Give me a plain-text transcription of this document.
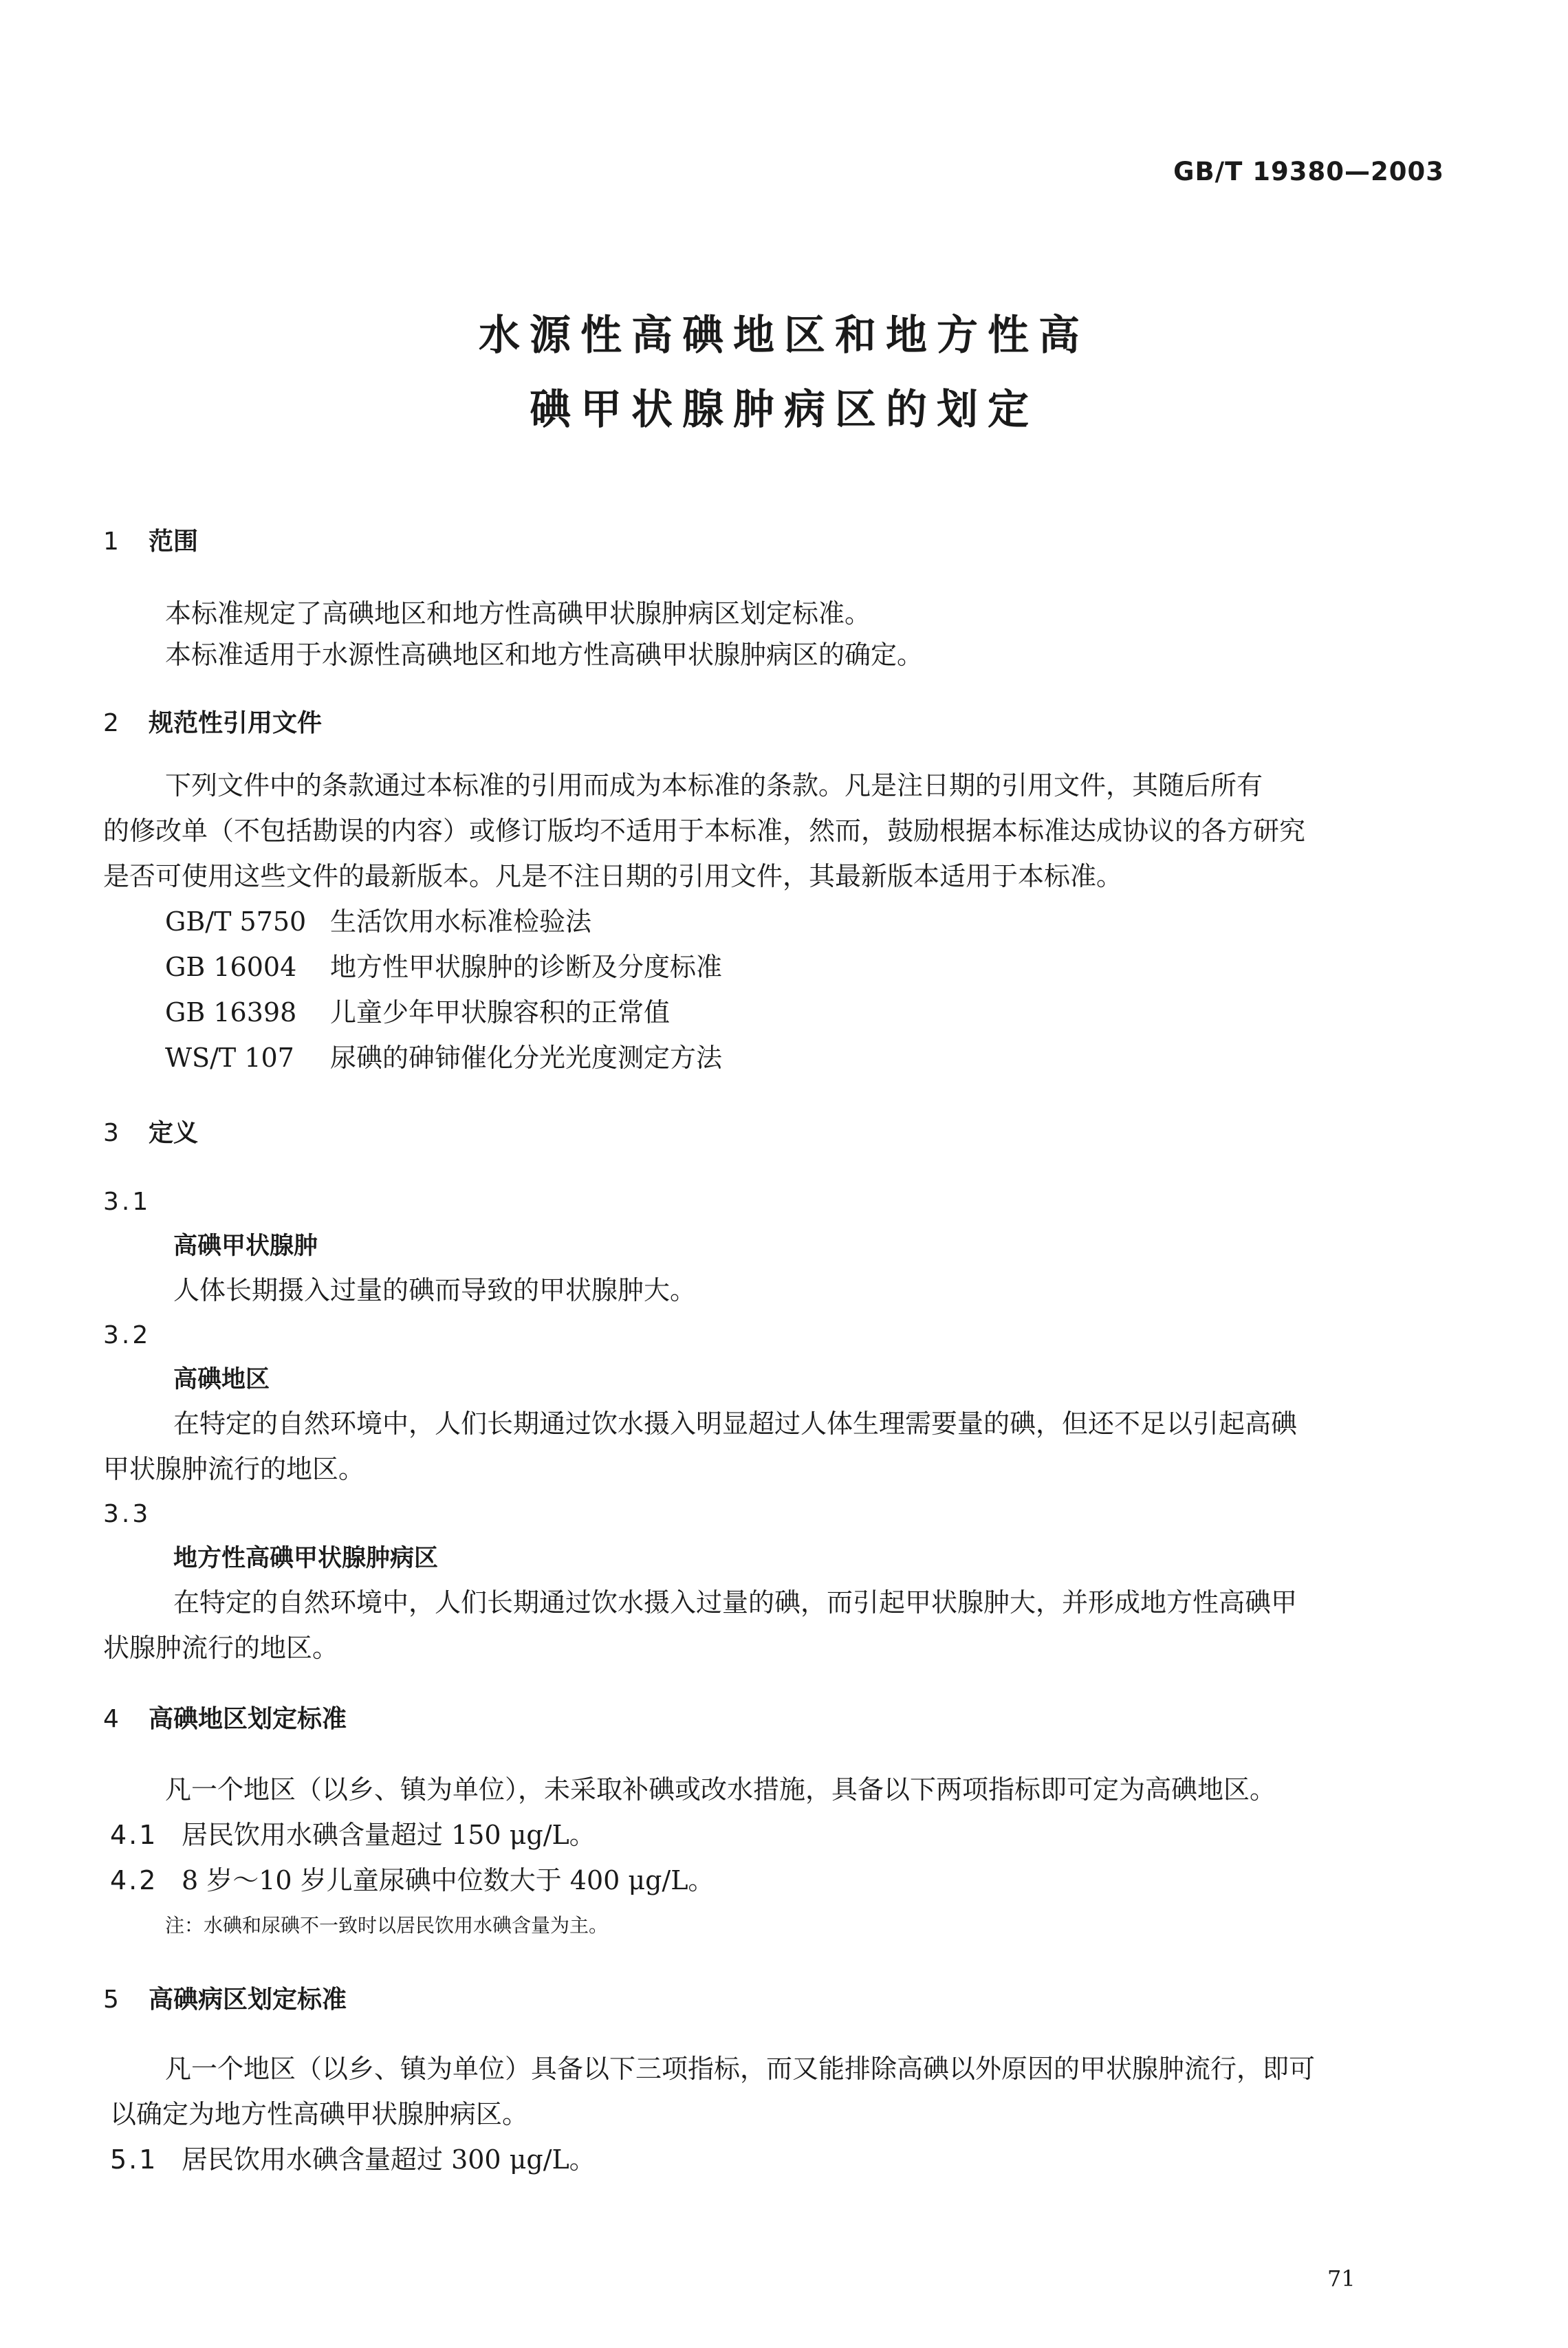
GB/T 19380—2003
水源性高碘地区和地方性高
碘甲状腺肿病区的划定
1 范围
本标准规定了高碘地区和地方性高碘甲状腺肿病区划定标准。
本标准适用于水源性高碘地区和地方性高碘甲状腺肿病区的确定。
2 规范性引用文件
下列文件中的条款通过本标准的引用而成为本标准的条款。凡是注日期的引用文件，其随后所有
的修改单（不包括勘误的内容）或修订版均不适用于本标准，然而，鼓励根据本标准达成协议的各方研究
是否可使用这些文件的最新版本。凡是不注日期的引用文件，其最新版本适用于本标准。
GB/T 5750 生活饮用水标准检验法
GB 16004 地方性甲状腺肿的诊断及分度标准
GB 16398 儿童少年甲状腺容积的正常值
WS/T 107 尿碘的砷铈催化分光光度测定方法
3 定义
3.1
高碘甲状腺肿
人体长期摄入过量的碘而导致的甲状腺肿大。
3.2
高碘地区
在特定的自然环境中，人们长期通过饮水摄入明显超过人体生理需要量的碘，但还不足以引起高碘
甲状腺肿流行的地区。
3.3
地方性高碘甲状腺肿病区
在特定的自然环境中，人们长期通过饮水摄入过量的碘，而引起甲状腺肿大，并形成地方性高碘甲
状腺肿流行的地区。
4 高碘地区划定标准
凡一个地区（以乡、镇为单位），未采取补碘或改水措施，具备以下两项指标即可定为高碘地区。
4.1 居民饮用水碘含量超过 150 μg/L。
4.2 8 岁～10 岁儿童尿碘中位数大于 400 μg/L。
注：水碘和尿碘不一致时以居民饮用水碘含量为主。
5 高碘病区划定标准
凡一个地区（以乡、镇为单位）具备以下三项指标，而又能排除高碘以外原因的甲状腺肿流行，即可
以确定为地方性高碘甲状腺肿病区。
5.1 居民饮用水碘含量超过 300 μg/L。
71
